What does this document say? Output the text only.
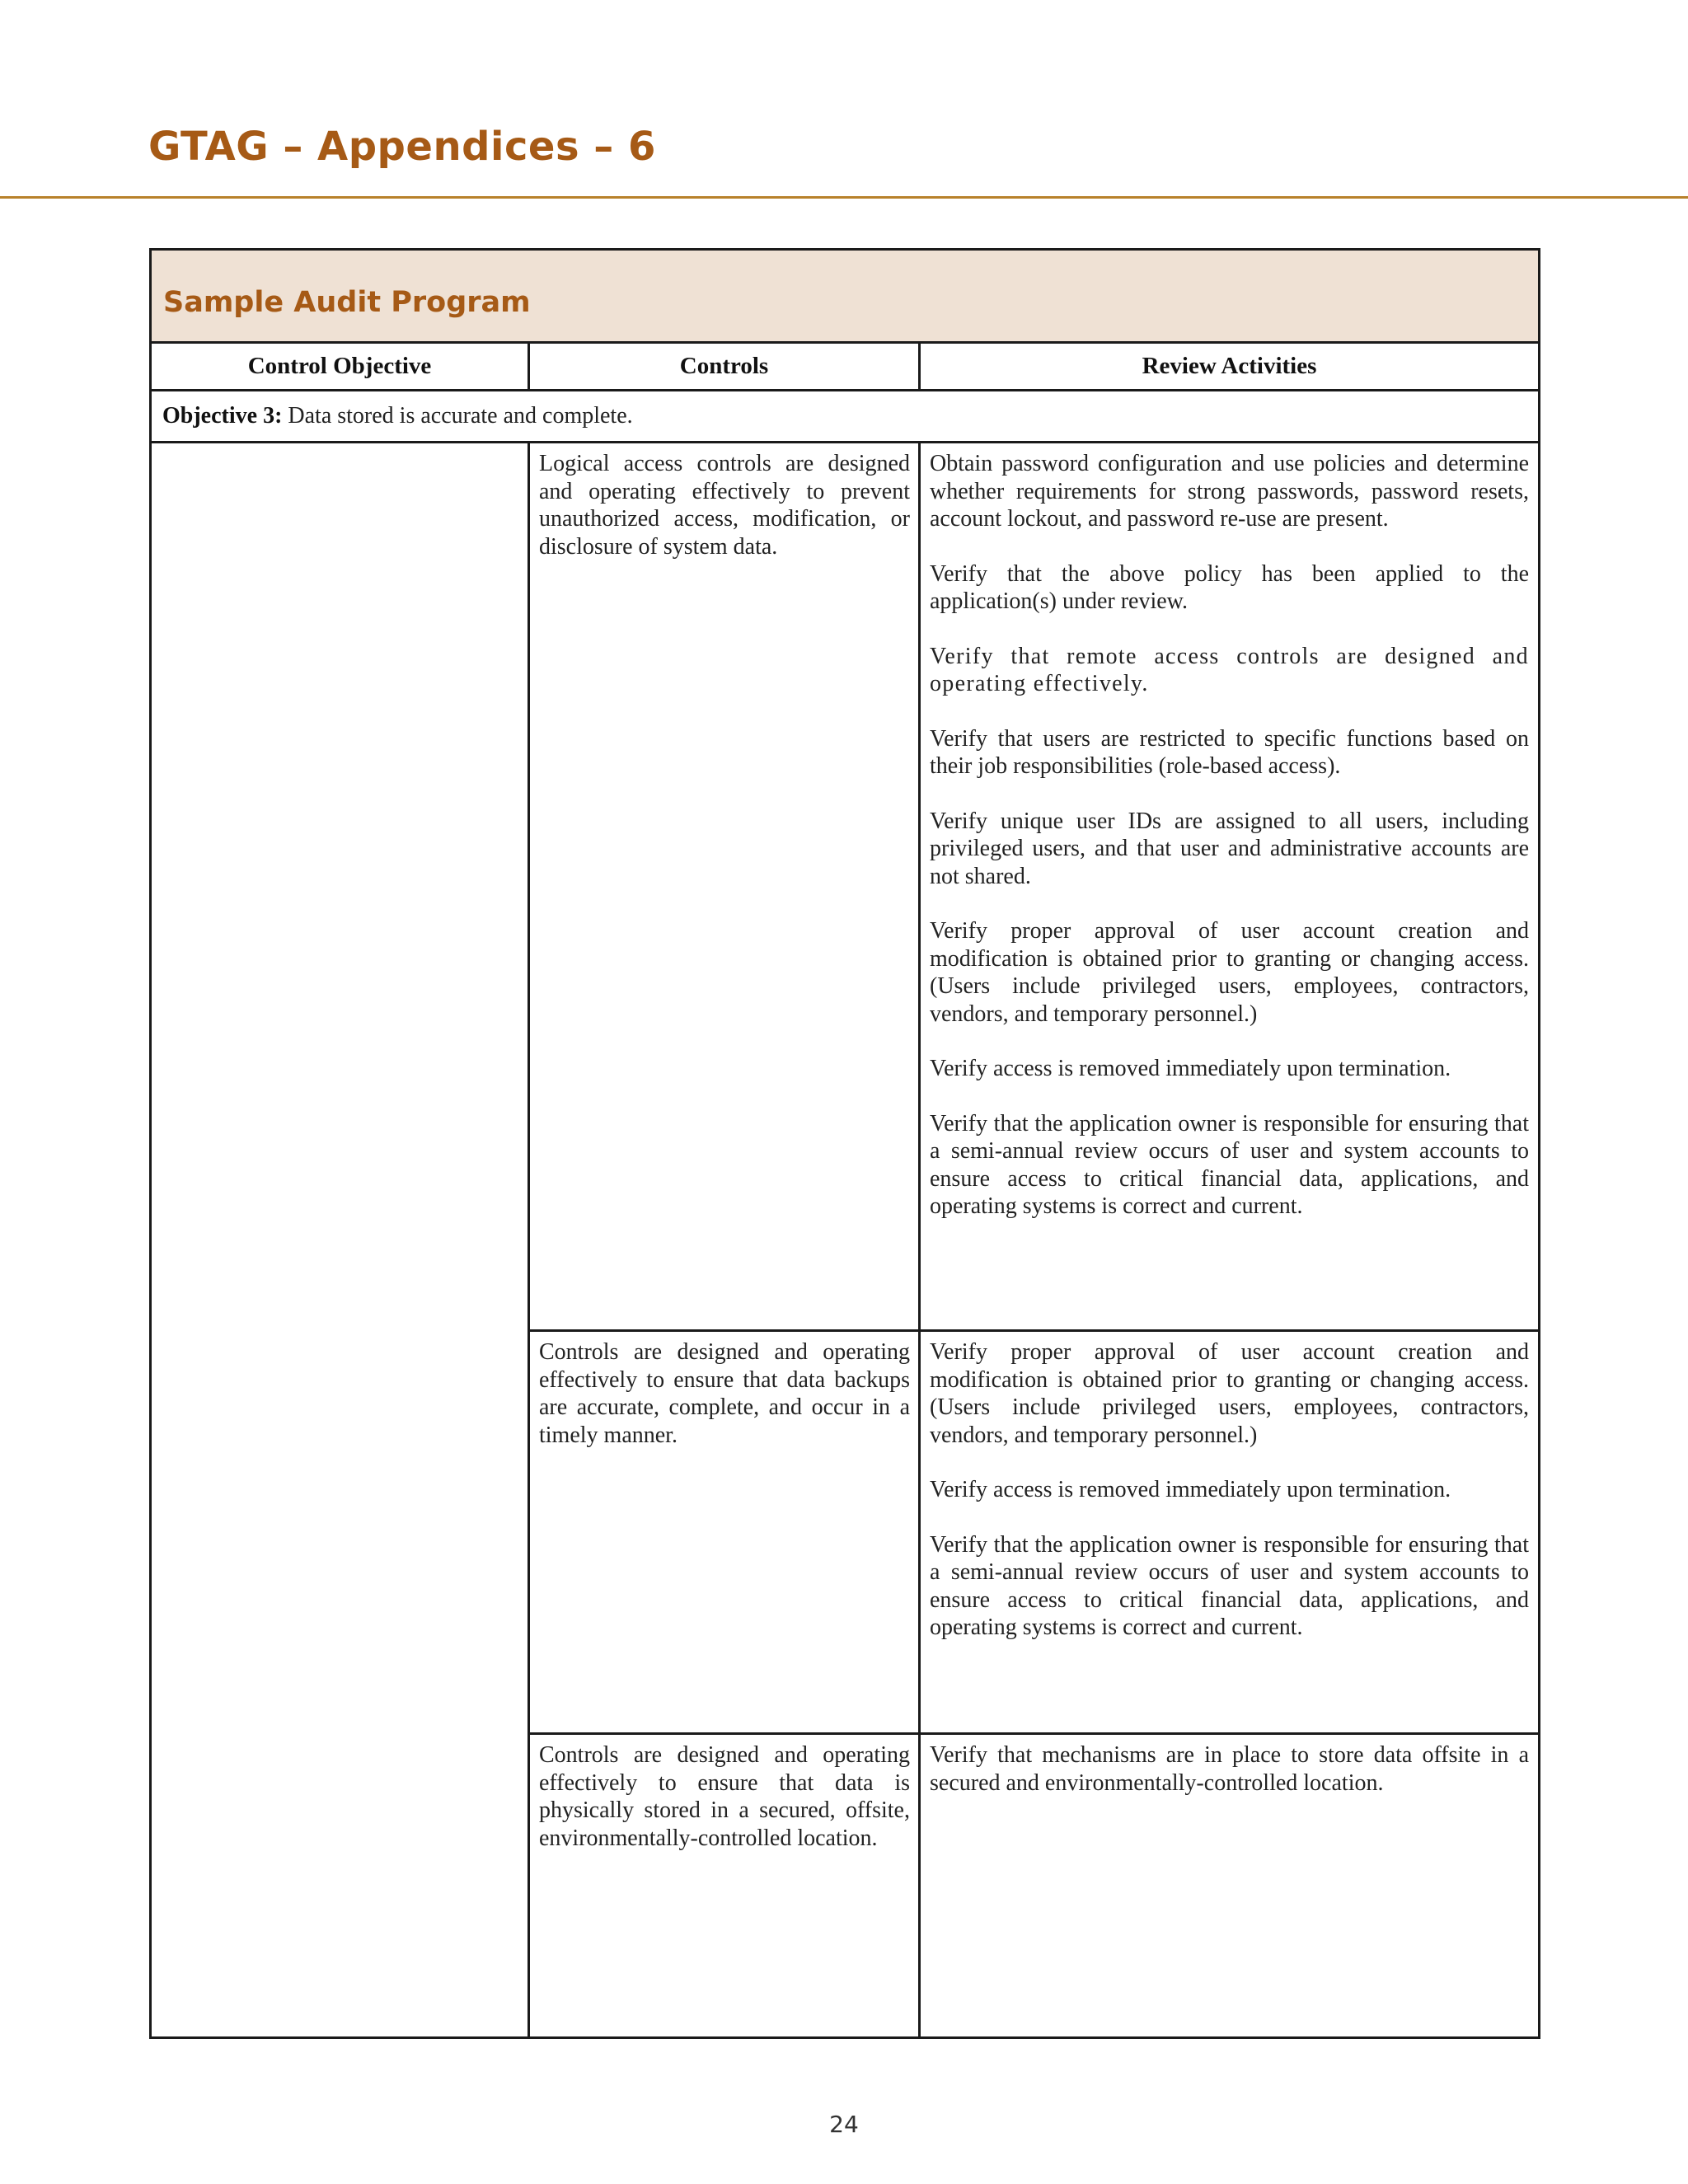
GTAG – Appendices – 6
Sample Audit Program
Control Objective	Controls	Review Activities
Objective 3: Data stored is accurate and complete.
Logical access controls are designed and operating effectively to prevent unauthorized access, modification, or disclosure of system data.

Obtain password configuration and use policies and determine whether requirements for strong passwords, password resets, account lockout, and password re-use are present.

Verify that the above policy has been applied to the application(s) under review.

Verify that remote access controls are designed and operating effectively.

Verify that users are restricted to specific functions based on their job responsibilities (role-based access).

Verify unique user IDs are assigned to all users, including privileged users, and that user and administrative accounts are not shared.

Verify proper approval of user account creation and modification is obtained prior to granting or changing access. (Users include privileged users, employees, contractors, vendors, and temporary personnel.)

Verify access is removed immediately upon termination.

Verify that the application owner is responsible for ensuring that a semi-annual review occurs of user and system accounts to ensure access to critical financial data, applications, and operating systems is correct and current.

Controls are designed and operating effectively to ensure that data backups are accurate, complete, and occur in a timely manner.

Verify proper approval of user account creation and modification is obtained prior to granting or changing access. (Users include privileged users, employees, contractors, vendors, and temporary personnel.)

Verify access is removed immediately upon termination.

Verify that the application owner is responsible for ensuring that a semi-annual review occurs of user and system accounts to ensure access to critical financial data, applications, and operating systems is correct and current.

Controls are designed and operating effectively to ensure that data is physically stored in a secured, offsite, environmentally-controlled location.

Verify that mechanisms are in place to store data offsite in a secured and environmentally-controlled location.

24
